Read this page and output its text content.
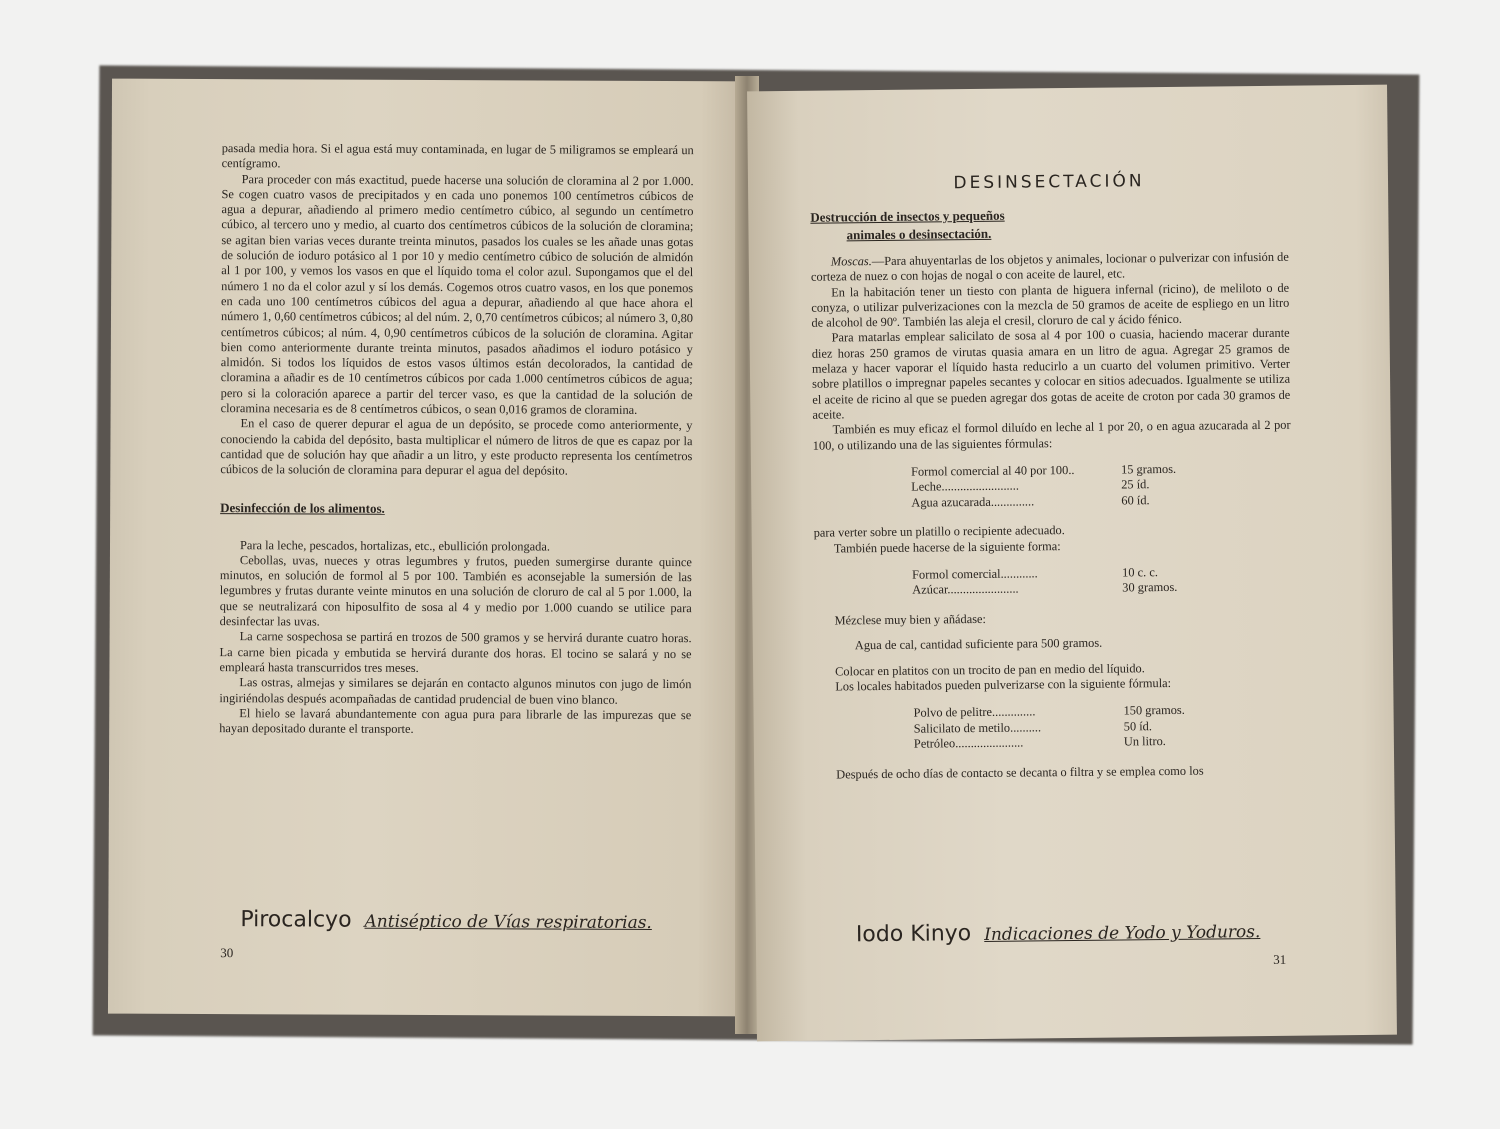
pasada media hora. Si el agua está muy contaminada, en lugar de 5 miligramos se empleará un centígramo.

Para proceder con más exactitud, puede hacerse una solución de cloramina al 2 por 1.000. Se cogen cuatro vasos de precipitados y en cada uno ponemos 100 centímetros cúbicos de agua a depurar, añadiendo al primero medio centímetro cúbico, al segundo un centímetro cúbico, al tercero uno y medio, al cuarto dos centímetros cúbicos de la solución de cloramina; se agitan bien varias veces durante treinta minutos, pasados los cuales se les añade unas gotas de solución de ioduro potásico al 1 por 10 y medio centímetro cúbico de solución de almidón al 1 por 100, y vemos los vasos en que el líquido toma el color azul. Supongamos que el del número 1 no da el color azul y sí los demás. Cogemos otros cuatro vasos, en los que ponemos en cada uno 100 centímetros cúbicos del agua a depurar, añadiendo al que hace ahora el número 1, 0,60 centímetros cúbicos; al del núm. 2, 0,70 centímetros cúbicos; al número 3, 0,80 centímetros cúbicos; al núm. 4, 0,90 centímetros cúbicos de la solución de cloramina. Agitar bien como anteriormente durante treinta minutos, pasados añadimos el ioduro potásico y almidón. Si todos los líquidos de estos vasos últimos están decolorados, la cantidad de cloramina a añadir es de 10 centímetros cúbicos por cada 1.000 centímetros cúbicos de agua; pero si la coloración aparece a partir del tercer vaso, es que la cantidad de la solución de cloramina necesaria es de 8 centímetros cúbicos, o sean 0,016 gramos de cloramina.

En el caso de querer depurar el agua de un depósito, se procede como anteriormente, y conociendo la cabida del depósito, basta multiplicar el número de litros de que es capaz por la cantidad que de solución hay que añadir a un litro, y este producto representa los centímetros cúbicos de la solución de cloramina para depurar el agua del depósito.

Desinfección de los alimentos.

Para la leche, pescados, hortalizas, etc., ebullición prolongada.

Cebollas, uvas, nueces y otras legumbres y frutos, pueden sumergirse durante quince minutos, en solución de formol al 5 por 100. También es aconsejable la sumersión de las legumbres y frutas durante veinte minutos en una solución de cloruro de cal al 5 por 1.000, la que se neutralizará con hiposulfito de sosa al 4 y medio por 1.000 cuando se utilice para desinfectar las uvas.

La carne sospechosa se partirá en trozos de 500 gramos y se hervirá durante cuatro horas. La carne bien picada y embutida se hervirá durante dos horas. El tocino se salará y no se empleará hasta transcurridos tres meses.

Las ostras, almejas y similares se dejarán en contacto algunos minutos con jugo de limón ingiriéndolas después acompañadas de cantidad prudencial de buen vino blanco.

El hielo se lavará abundantemente con agua pura para librarle de las impurezas que se hayan depositado durante el transporte.

Pirocalcyo Antiséptico de Vías respiratorias.
30
DESINSECTACIÓN
Destrucción de insectos y pequeños
animales o desinsectación.

Moscas.—Para ahuyentarlas de los objetos y animales, locionar o pulverizar con infusión de corteza de nuez o con hojas de nogal o con aceite de laurel, etc.

En la habitación tener un tiesto con planta de higuera infernal (ricino), de meliloto o de conyza, o utilizar pulverizaciones con la mezcla de 50 gramos de aceite de espliego en un litro de alcohol de 90º. También las aleja el cresil, cloruro de cal y ácido fénico.

Para matarlas emplear salicilato de sosa al 4 por 100 o cuasia, haciendo macerar durante diez horas 250 gramos de virutas quasia amara en un litro de agua. Agregar 25 gramos de melaza y hacer vaporar el líquido hasta reducirlo a un cuarto del volumen primitivo. Verter sobre platillos o impregnar papeles secantes y colocar en sitios adecuados. Igualmente se utiliza el aceite de ricino al que se pueden agregar dos gotas de aceite de croton por cada 30 gramos de aceite.

También es muy eficaz el formol diluído en leche al 1 por 20, o en agua azucarada al 2 por 100, o utilizando una de las siguientes fórmulas:

Formol comercial al 40 por 100..	15 gramos.
Leche.........................	25 íd.
Agua azucarada..............	60 íd.

para verter sobre un platillo o recipiente adecuado.

También puede hacerse de la siguiente forma:

Formol comercial............	10 c. c.
Azúcar.......................	30 gramos.

Mézclese muy bien y añádase:

Agua de cal, cantidad suficiente para 500 gramos.

Colocar en platitos con un trocito de pan en medio del líquido.

Los locales habitados pueden pulverizarse con la siguiente fórmula:

Polvo de pelitre..............	150 gramos.
Salicilato de metilo..........	50 íd.
Petróleo......................	Un litro.

Después de ocho días de contacto se decanta o filtra y se emplea como los

Iodo Kinyo Indicaciones de Yodo y Yoduros.
31
